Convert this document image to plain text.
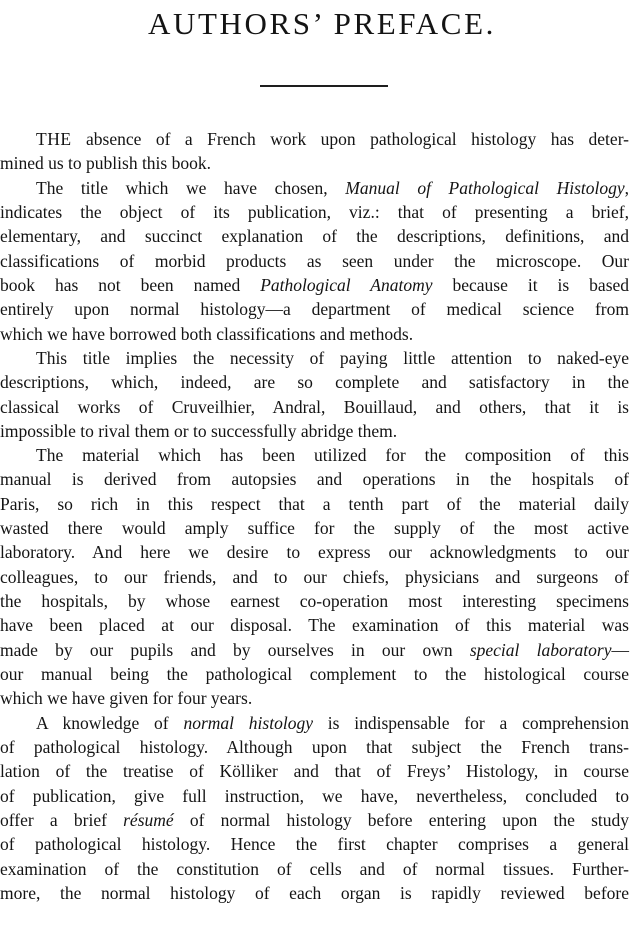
AUTHORS’ PREFACE.
THE absence of a French work upon pathological histology has deter-
mined us to publish this book.
The title which we have chosen, Manual of Pathological Histology,
indicates the object of its publication, viz.: that of presenting a brief,
elementary, and succinct explanation of the descriptions, definitions, and
classifications of morbid products as seen under the microscope. Our
book has not been named Pathological Anatomy because it is based
entirely upon normal histology—a department of medical science from
which we have borrowed both classifications and methods.
This title implies the necessity of paying little attention to naked-eye
descriptions, which, indeed, are so complete and satisfactory in the
classical works of Cruveilhier, Andral, Bouillaud, and others, that it is
impossible to rival them or to successfully abridge them.
The material which has been utilized for the composition of this
manual is derived from autopsies and operations in the hospitals of
Paris, so rich in this respect that a tenth part of the material daily
wasted there would amply suffice for the supply of the most active
laboratory. And here we desire to express our acknowledgments to our
colleagues, to our friends, and to our chiefs, physicians and surgeons of
the hospitals, by whose earnest co-operation most interesting specimens
have been placed at our disposal. The examination of this material was
made by our pupils and by ourselves in our own special laboratory—
our manual being the pathological complement to the histological course
which we have given for four years.
A knowledge of normal histology is indispensable for a comprehension
of pathological histology. Although upon that subject the French trans-
lation of the treatise of Kölliker and that of Freys’ Histology, in course
of publication, give full instruction, we have, nevertheless, concluded to
offer a brief résumé of normal histology before entering upon the study
of pathological histology. Hence the first chapter comprises a general
examination of the constitution of cells and of normal tissues. Further-
more, the normal histology of each organ is rapidly reviewed before
